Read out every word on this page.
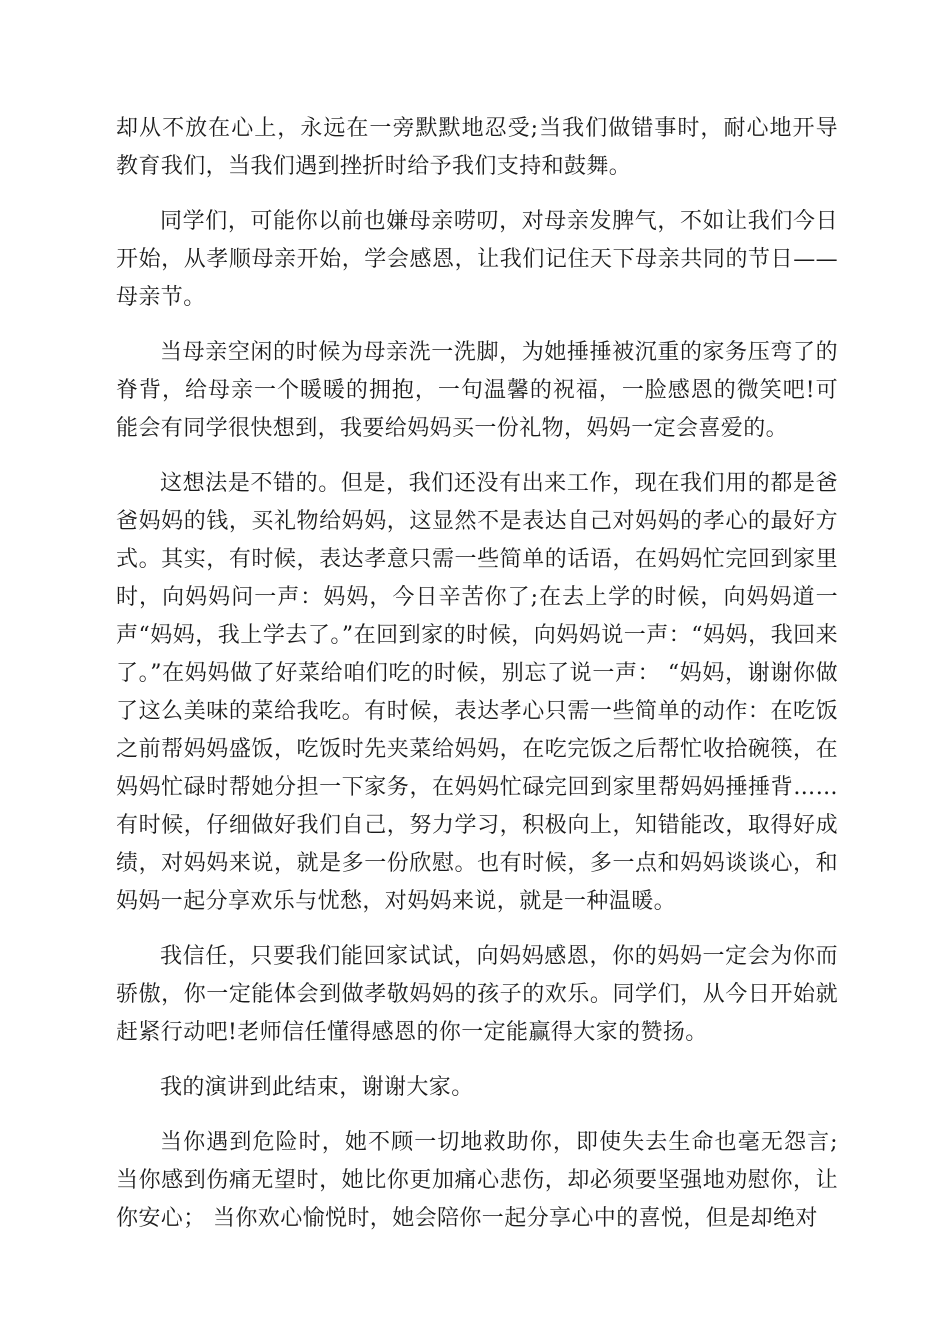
却从不放在心上，永远在一旁默默地忍受;当我们做错事时，耐心地开导教育我们，当我们遇到挫折时给予我们支持和鼓舞。

同学们，可能你以前也嫌母亲唠叨，对母亲发脾气，不如让我们今日开始，从孝顺母亲开始，学会感恩，让我们记住天下母亲共同的节日——母亲节。

当母亲空闲的时候为母亲洗一洗脚，为她捶捶被沉重的家务压弯了的脊背，给母亲一个暖暖的拥抱，一句温馨的祝福，一脸感恩的微笑吧!可能会有同学很快想到，我要给妈妈买一份礼物，妈妈一定会喜爱的。

这想法是不错的。但是，我们还没有出来工作，现在我们用的都是爸爸妈妈的钱，买礼物给妈妈，这显然不是表达自己对妈妈的孝心的最好方式。其实，有时候，表达孝意只需一些简单的话语，在妈妈忙完回到家里时，向妈妈问一声：妈妈，今日辛苦你了;在去上学的时候，向妈妈道一声“妈妈，我上学去了。”在回到家的时候，向妈妈说一声：“妈妈，我回来了。”在妈妈做了好菜给咱们吃的时候，别忘了说一声： “妈妈，谢谢你做了这么美味的菜给我吃。有时候，表达孝心只需一些简单的动作：在吃饭之前帮妈妈盛饭，吃饭时先夹菜给妈妈，在吃完饭之后帮忙收拾碗筷，在妈妈忙碌时帮她分担一下家务，在妈妈忙碌完回到家里帮妈妈捶捶背……有时候，仔细做好我们自己，努力学习，积极向上，知错能改，取得好成绩，对妈妈来说，就是多一份欣慰。也有时候，多一点和妈妈谈谈心，和妈妈一起分享欢乐与忧愁，对妈妈来说，就是一种温暖。

我信任，只要我们能回家试试，向妈妈感恩，你的妈妈一定会为你而骄傲，你一定能体会到做孝敬妈妈的孩子的欢乐。同学们，从今日开始就赶紧行动吧!老师信任懂得感恩的你一定能赢得大家的赞扬。

我的演讲到此结束，谢谢大家。

当你遇到危险时，她不顾一切地救助你，即使失去生命也毫无怨言;当你感到伤痛无望时，她比你更加痛心悲伤，却必须要坚强地劝慰你，让你安心； 当你欢心愉悦时，她会陪你一起分享心中的喜悦，但是却绝对
